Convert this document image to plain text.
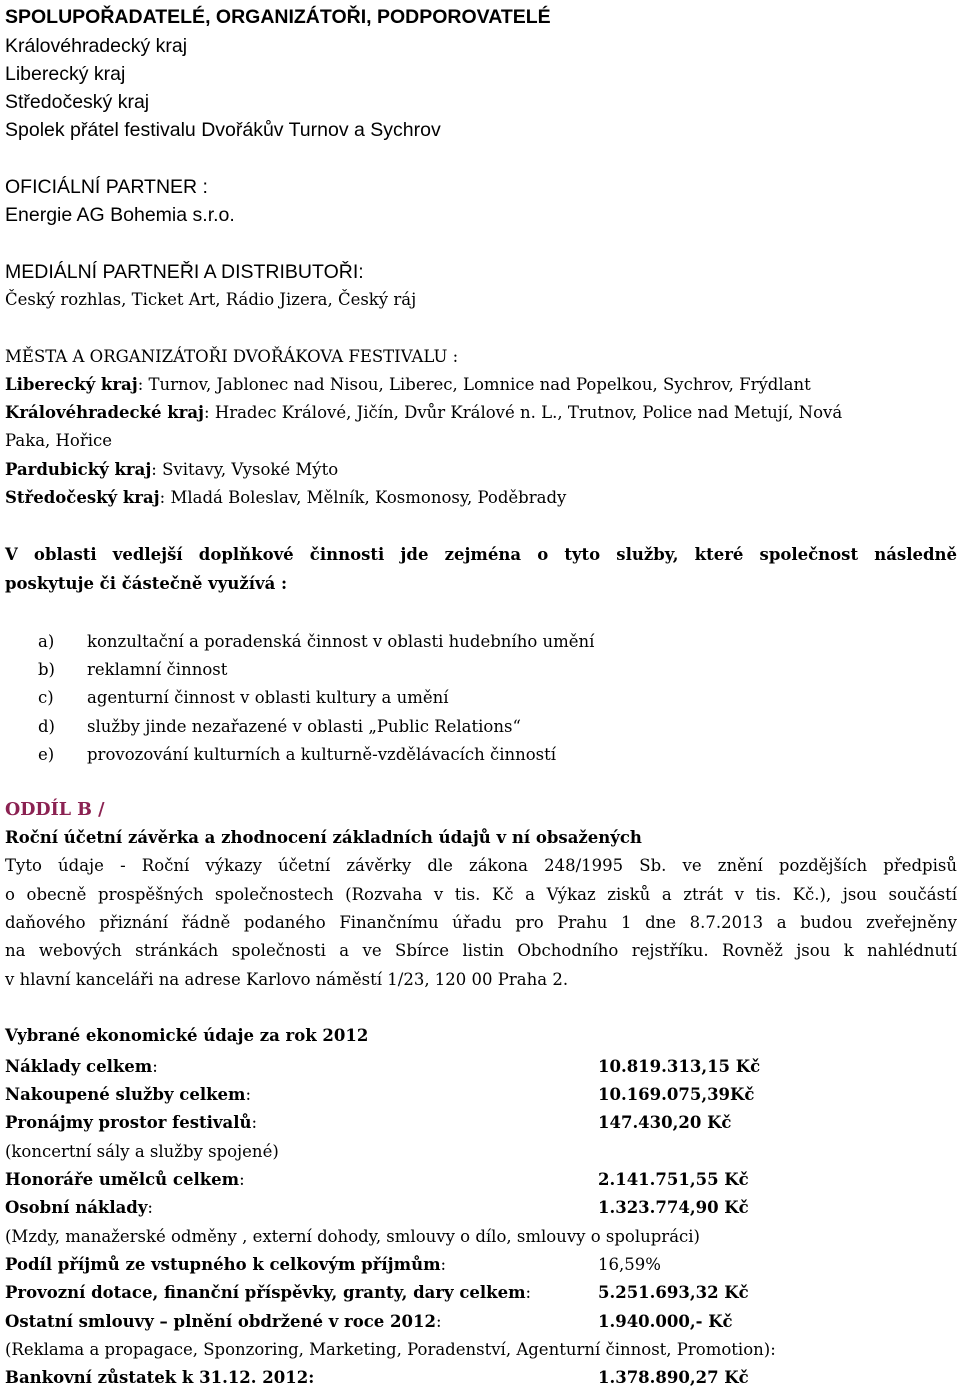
SPOLUPOŘADATELÉ, ORGANIZÁTOŘI, PODPOROVATELÉ
Královéhradecký kraj
Liberecký kraj
Středočeský kraj
Spolek přátel festivalu Dvořákův Turnov a Sychrov
OFICIÁLNÍ PARTNER :
Energie AG Bohemia s.r.o.
MEDIÁLNÍ PARTNEŘI A DISTRIBUTOŘI:
Český rozhlas, Ticket Art, Rádio Jizera, Český ráj
MĚSTA A ORGANIZÁTOŘI DVOŘÁKOVA FESTIVALU :
Liberecký kraj: Turnov, Jablonec nad Nisou, Liberec, Lomnice nad Popelkou, Sychrov, Frýdlant
Královéhradecké kraj: Hradec Králové, Jičín, Dvůr Králové n. L., Trutnov, Police nad Metují, Nová
Paka, Hořice
Pardubický kraj: Svitavy, Vysoké Mýto
Středočeský kraj: Mladá Boleslav, Mělník, Kosmonosy, Poděbrady
V oblasti vedlejší doplňkové činnosti jde zejména o tyto služby, které společnost následně
poskytuje či částečně využívá :
a) konzultační a poradenská činnost v oblasti hudebního umění
b) reklamní činnost
c) agenturní činnost v oblasti kultury a umění
d) služby jinde nezařazené v oblasti „Public Relations“
e) provozování kulturních a kulturně-vzdělávacích činností
ODDÍL B /
Roční účetní závěrka a zhodnocení základních údajů v ní obsažených
Tyto údaje - Roční výkazy účetní závěrky dle zákona 248/1995 Sb. ve znění pozdějších předpisů
o obecně prospěšných společnostech (Rozvaha v tis. Kč a Výkaz zisků a ztrát v tis. Kč.), jsou součástí
daňového přiznání řádně podaného Finančnímu úřadu pro Prahu 1 dne 8.7.2013 a budou zveřejněny
na webových stránkách společnosti a ve Sbírce listin Obchodního rejstříku. Rovněž jsou k nahlédnutí
v hlavní kanceláři na adrese Karlovo náměstí 1/23, 120 00 Praha 2.
Vybrané ekonomické údaje za rok 2012
Náklady celkem:	10.819.313,15 Kč
Nakoupené služby celkem:	10.169.075,39Kč
Pronájmy prostor festivalů:	147.430,20 Kč
(koncertní sály a služby spojené)
Honoráře umělců celkem:	2.141.751,55 Kč
Osobní náklady:	1.323.774,90 Kč
(Mzdy, manažerské odměny , externí dohody, smlouvy o dílo, smlouvy o spolupráci)
Podíl příjmů ze vstupného k celkovým příjmům:	16,59%
Provozní dotace, finanční příspěvky, granty, dary celkem:	5.251.693,32 Kč
Ostatní smlouvy – plnění obdržené v roce 2012:	1.940.000,- Kč
(Reklama a propagace, Sponzoring, Marketing, Poradenství, Agenturní činnost, Promotion):
Bankovní zůstatek k 31.12. 2012:	1.378.890,27 Kč
